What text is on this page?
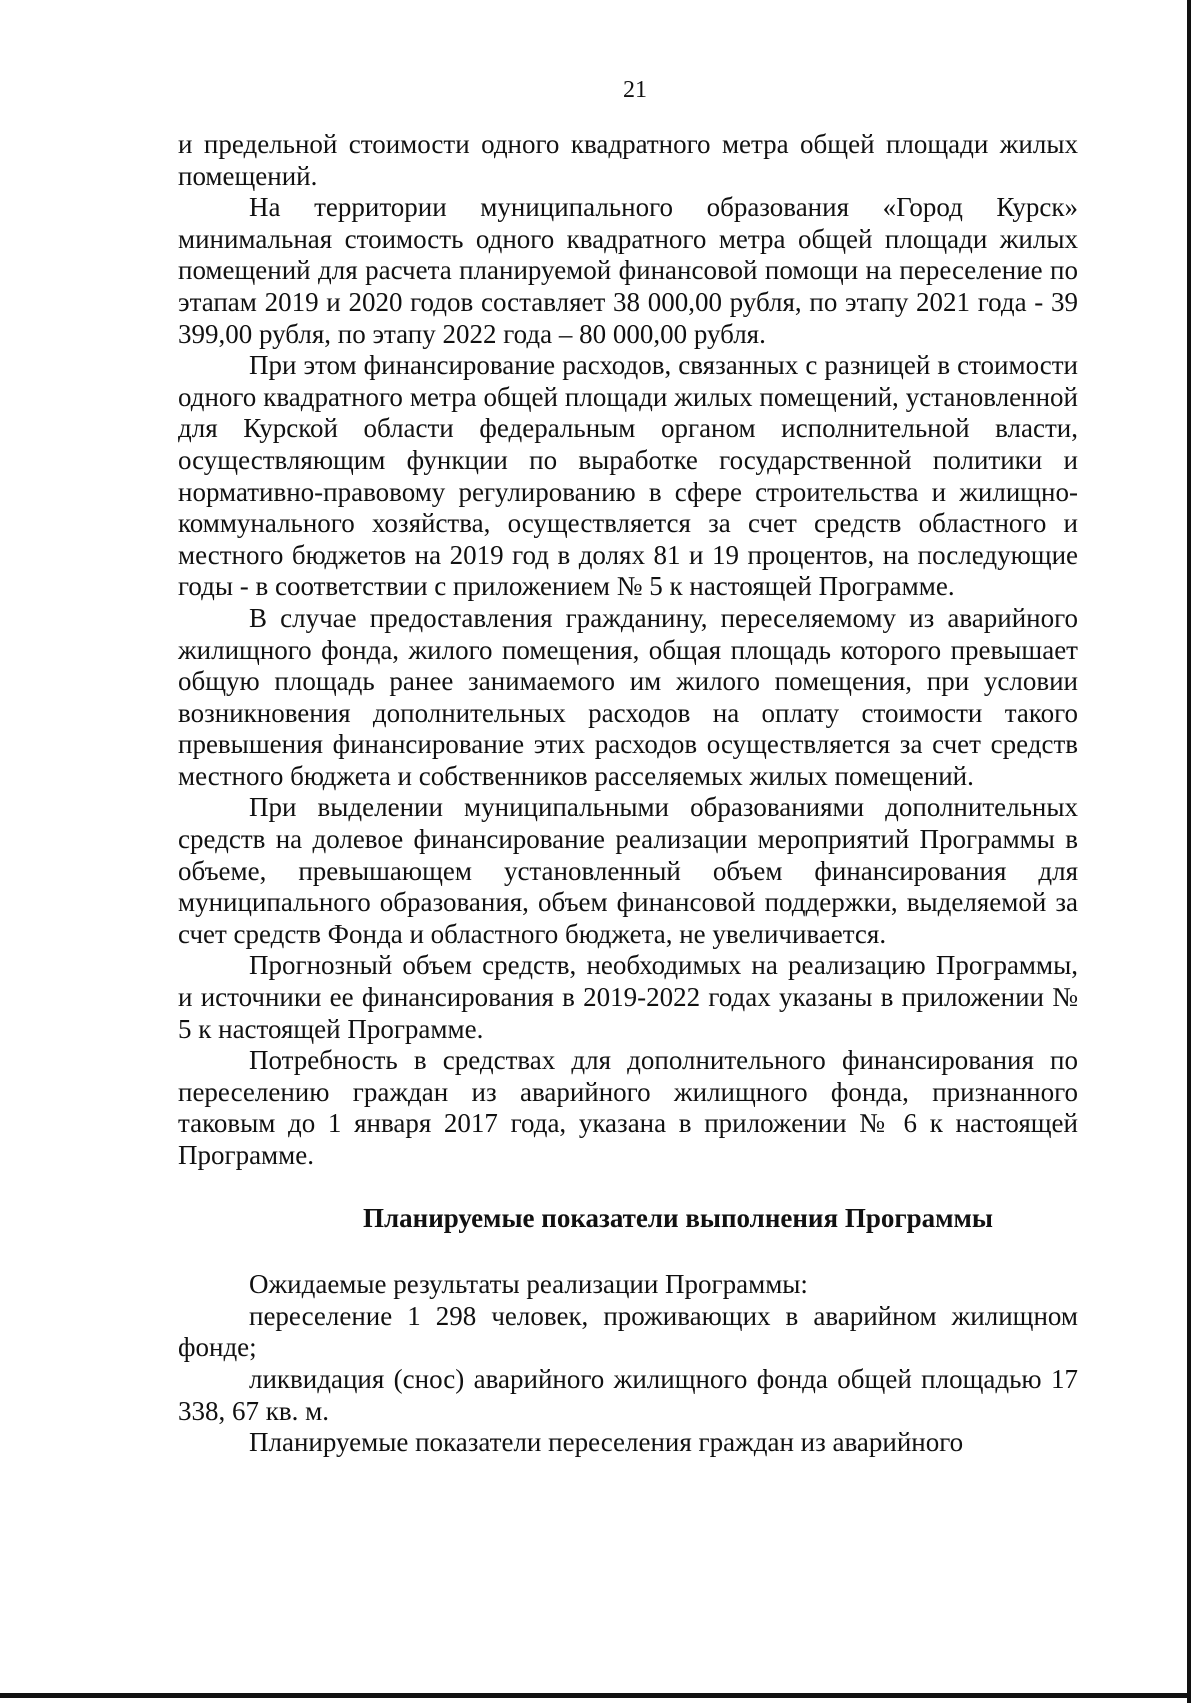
21

и предельной стоимости одного квадратного метра общей площади жилых помещений.

На территории муниципального образования «Город Курск» минимальная стоимость одного квадратного метра общей площади жилых помещений для расчета планируемой финансовой помощи на переселение по этапам 2019 и 2020 годов составляет 38 000,00 рубля, по этапу 2021 года - 39 399,00 рубля, по этапу 2022 года – 80 000,00 рубля.

При этом финансирование расходов, связанных с разницей в стоимости одного квадратного метра общей площади жилых помещений, установленной для Курской области федеральным органом исполнительной власти, осуществляющим функции по выработке государственной политики и нормативно-правовому регулированию в сфере строительства и жилищно-коммунального хозяйства, осуществляется за счет средств областного и местного бюджетов на 2019 год в долях 81 и 19 процентов, на последующие годы - в соответствии с приложением № 5 к настоящей Программе.

В случае предоставления гражданину, переселяемому из аварийного жилищного фонда, жилого помещения, общая площадь которого превышает общую площадь ранее занимаемого им жилого помещения, при условии возникновения дополнительных расходов на оплату стоимости такого превышения финансирование этих расходов осуществляется за счет средств местного бюджета и собственников расселяемых жилых помещений.

При выделении муниципальными образованиями дополнительных средств на долевое финансирование реализации мероприятий Программы в объеме, превышающем установленный объем финансирования для муниципального образования, объем финансовой поддержки, выделяемой за счет средств Фонда и областного бюджета, не увеличивается.

Прогнозный объем средств, необходимых на реализацию Программы, и источники ее финансирования в 2019-2022 годах указаны в приложении № 5 к настоящей Программе.

Потребность в средствах для дополнительного финансирования по переселению граждан из аварийного жилищного фонда, признанного таковым до 1 января 2017 года, указана в приложении № 6 к настоящей Программе.

Планируемые показатели выполнения Программы

Ожидаемые результаты реализации Программы:

переселение 1 298 человек, проживающих в аварийном жилищном фонде;

ликвидация (снос) аварийного жилищного фонда общей площадью 17 338, 67 кв. м.

Планируемые показатели переселения граждан из аварийного
